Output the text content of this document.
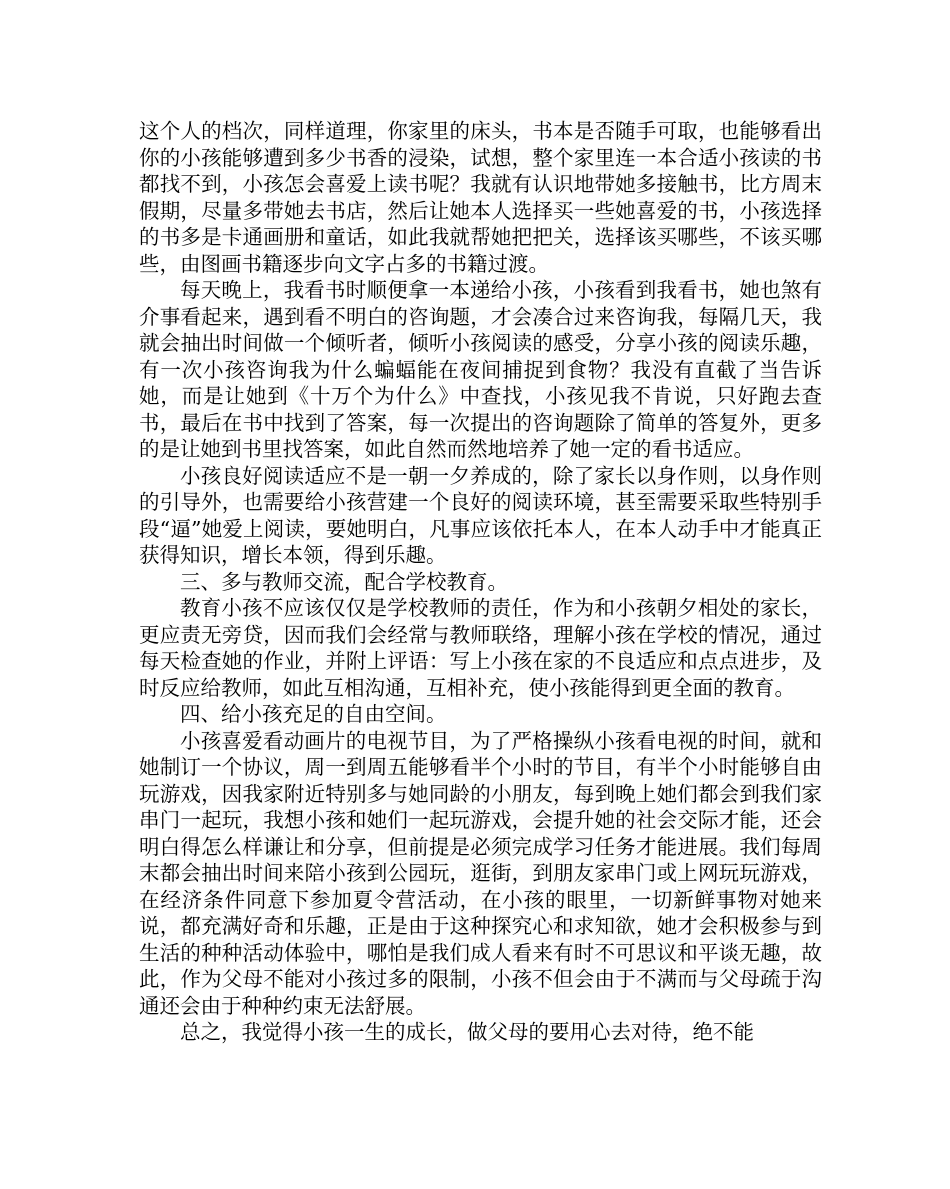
这个人的档次，同样道理，你家里的床头，书本是否随手可取，也能够看出你的小孩能够遭到多少书香的浸染，试想，整个家里连一本合适小孩读的书都找不到，小孩怎会喜爱上读书呢？我就有认识地带她多接触书，比方周末假期，尽量多带她去书店，然后让她本人选择买一些她喜爱的书，小孩选择的书多是卡通画册和童话，如此我就帮她把把关，选择该买哪些，不该买哪些，由图画书籍逐步向文字占多的书籍过渡。

每天晚上，我看书时顺便拿一本递给小孩，小孩看到我看书，她也煞有介事看起来，遇到看不明白的咨询题，才会凑合过来咨询我，每隔几天，我就会抽出时间做一个倾听者，倾听小孩阅读的感受，分享小孩的阅读乐趣，有一次小孩咨询我为什么蝙蝠能在夜间捕捉到食物？我没有直截了当告诉她，而是让她到《十万个为什么》中查找，小孩见我不肯说，只好跑去查书，最后在书中找到了答案，每一次提出的咨询题除了简单的答复外，更多的是让她到书里找答案，如此自然而然地培养了她一定的看书适应。

小孩良好阅读适应不是一朝一夕养成的，除了家长以身作则，以身作则的引导外，也需要给小孩营建一个良好的阅读环境，甚至需要采取些特别手段“逼”她爱上阅读，要她明白，凡事应该依托本人，在本人动手中才能真正获得知识，增长本领，得到乐趣。

三、多与教师交流，配合学校教育。

教育小孩不应该仅仅是学校教师的责任，作为和小孩朝夕相处的家长，更应责无旁贷，因而我们会经常与教师联络，理解小孩在学校的情况，通过每天检查她的作业，并附上评语：写上小孩在家的不良适应和点点进步，及时反应给教师，如此互相沟通，互相补充，使小孩能得到更全面的教育。

四、给小孩充足的自由空间。

小孩喜爱看动画片的电视节目，为了严格操纵小孩看电视的时间，就和她制订一个协议，周一到周五能够看半个小时的节目，有半个小时能够自由玩游戏，因我家附近特别多与她同龄的小朋友，每到晚上她们都会到我们家串门一起玩，我想小孩和她们一起玩游戏，会提升她的社会交际才能，还会明白得怎么样谦让和分享，但前提是必须完成学习任务才能进展。我们每周末都会抽出时间来陪小孩到公园玩，逛街，到朋友家串门或上网玩玩游戏，在经济条件同意下参加夏令营活动，在小孩的眼里，一切新鲜事物对她来说，都充满好奇和乐趣，正是由于这种探究心和求知欲，她才会积极参与到生活的种种活动体验中，哪怕是我们成人看来有时不可思议和平谈无趣，故此，作为父母不能对小孩过多的限制，小孩不但会由于不满而与父母疏于沟通还会由于种种约束无法舒展。

总之，我觉得小孩一生的成长，做父母的要用心去对待，绝不能
